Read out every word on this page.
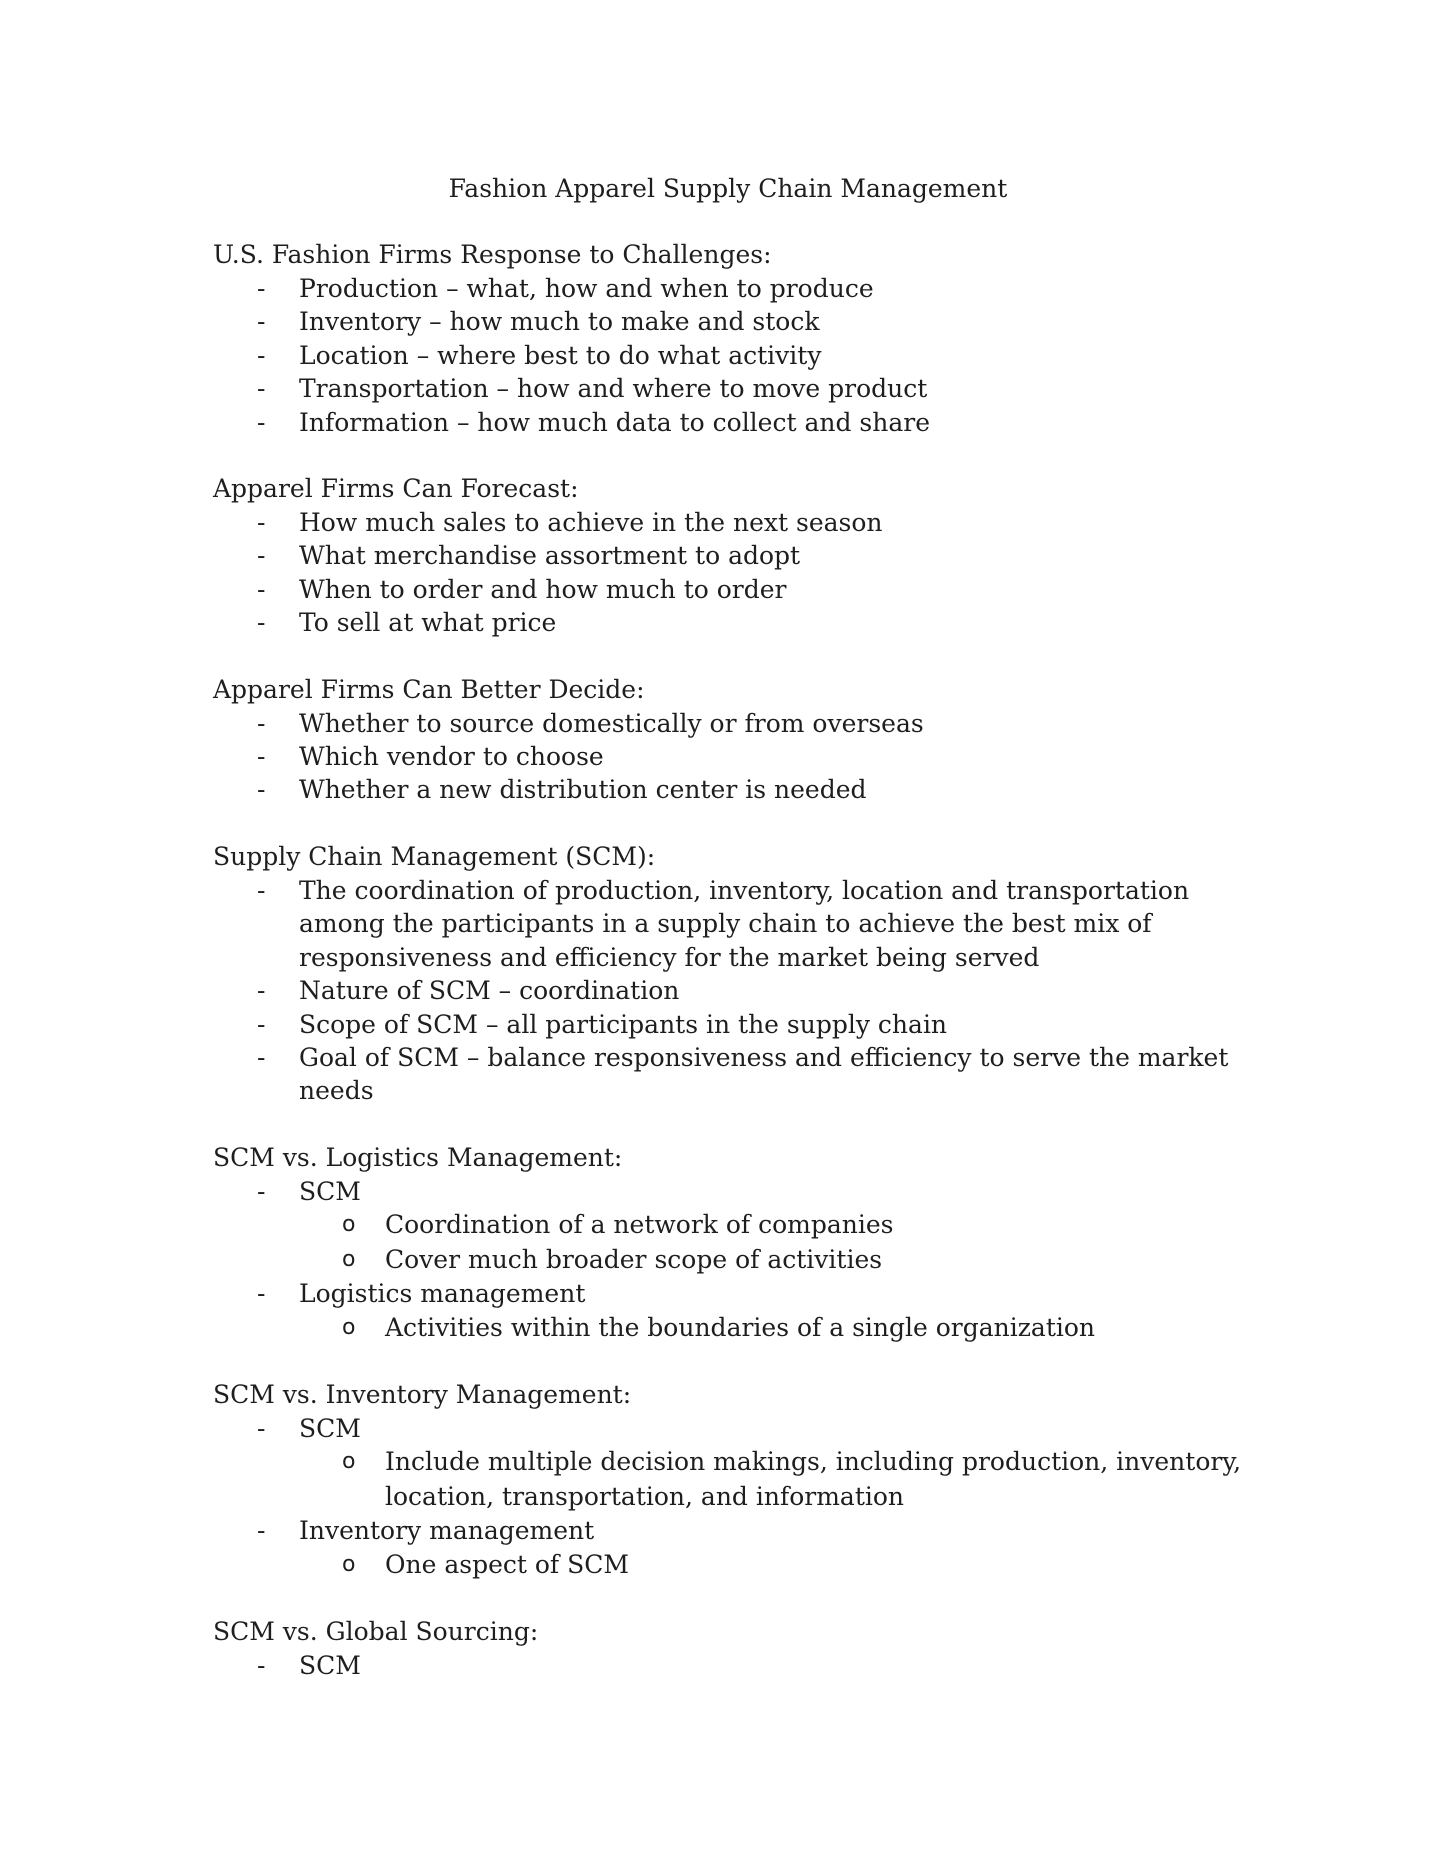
Fashion Apparel Supply Chain Management

U.S. Fashion Firms Response to Challenges:

- Production – what, how and when to produce
- Inventory – how much to make and stock
- Location – where best to do what activity
- Transportation – how and where to move product
- Information – how much data to collect and share

Apparel Firms Can Forecast:

- How much sales to achieve in the next season
- What merchandise assortment to adopt
- When to order and how much to order
- To sell at what price

Apparel Firms Can Better Decide:

- Whether to source domestically or from overseas
- Which vendor to choose
- Whether a new distribution center is needed

Supply Chain Management (SCM):

- The coordination of production, inventory, location and transportation among the participants in a supply chain to achieve the best mix of responsiveness and efficiency for the market being served
- Nature of SCM – coordination
- Scope of SCM – all participants in the supply chain
- Goal of SCM – balance responsiveness and efficiency to serve the market needs

SCM vs. Logistics Management:

- SCM
o Coordination of a network of companies
o Cover much broader scope of activities
- Logistics management
o Activities within the boundaries of a single organization

SCM vs. Inventory Management:

- SCM
o Include multiple decision makings, including production, inventory, location, transportation, and information
- Inventory management
o One aspect of SCM

SCM vs. Global Sourcing:

- SCM
